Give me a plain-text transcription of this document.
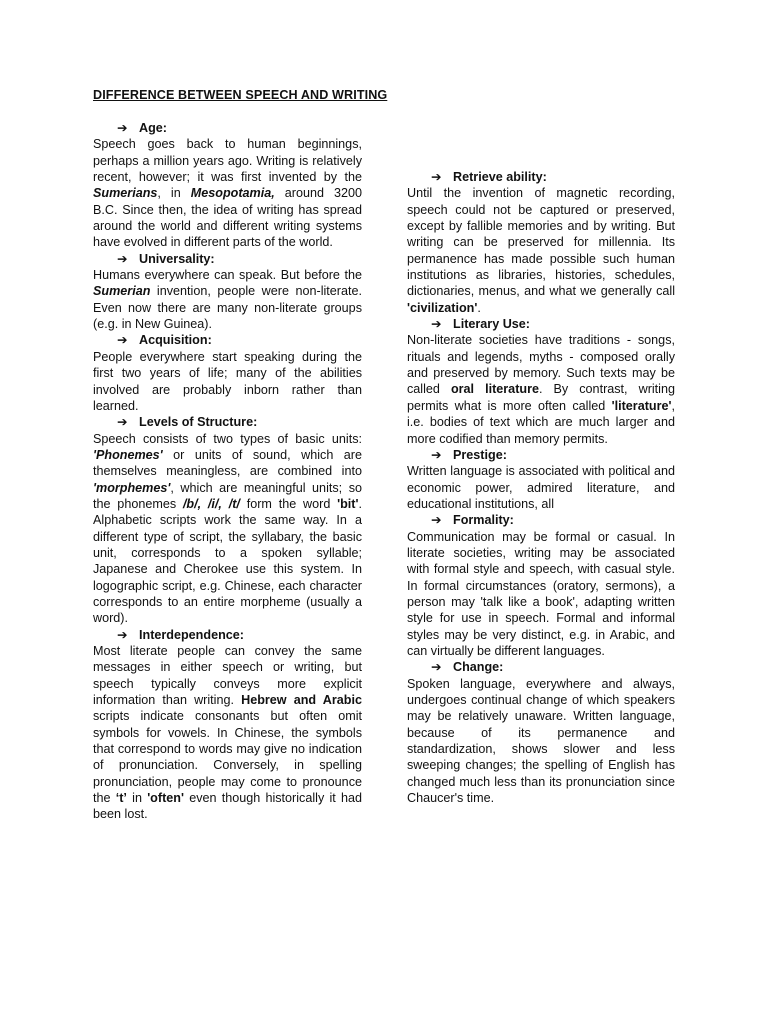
DIFFERENCE BETWEEN SPEECH AND WRITING
➔ Age:

Speech goes back to human beginnings, perhaps a million years ago. Writing is relatively recent, however; it was first invented by the Sumerians, in Mesopotamia, around 3200 B.C. Since then, the idea of writing has spread around the world and different writing systems have evolved in different parts of the world.

➔ Universality:

Humans everywhere can speak. But before the Sumerian invention, people were non-literate. Even now there are many non-literate groups (e.g. in New Guinea).

➔ Acquisition:

People everywhere start speaking during the first two years of life; many of the abilities involved are probably inborn rather than learned.

➔ Levels of Structure:

Speech consists of two types of basic units: 'Phonemes' or units of sound, which are themselves meaningless, are combined into 'morphemes', which are meaningful units; so the phonemes /b/, /i/, /t/ form the word 'bit'. Alphabetic scripts work the same way. In a different type of script, the syllabary, the basic unit, corresponds to a spoken syllable; Japanese and Cherokee use this system. In logographic script, e.g. Chinese, each character corresponds to an entire morpheme (usually a word).

➔ Interdependence:

Most literate people can convey the same messages in either speech or writing, but speech typically conveys more explicit information than writing. Hebrew and Arabic scripts indicate consonants but often omit symbols for vowels. In Chinese, the symbols that correspond to words may give no indication of pronunciation. Conversely, in spelling pronunciation, people may come to pronounce the ‘t’ in 'often' even though historically it had been lost.

➔ Retrieve ability:

Until the invention of magnetic recording, speech could not be captured or preserved, except by fallible memories and by writing. But writing can be preserved for millennia. Its permanence has made possible such human institutions as libraries, histories, schedules, dictionaries, menus, and what we generally call 'civilization'.

➔ Literary Use:

Non-literate societies have traditions - songs, rituals and legends, myths - composed orally and preserved by memory. Such texts may be called oral literature. By contrast, writing permits what is more often called 'literature', i.e. bodies of text which are much larger and more codified than memory permits.

➔ Prestige:

Written language is associated with political and economic power, admired literature, and educational institutions, all

➔ Formality:

Communication may be formal or casual. In literate societies, writing may be associated with formal style and speech, with casual style. In formal circumstances (oratory, sermons), a person may 'talk like a book', adapting written style for use in speech. Formal and informal styles may be very distinct, e.g. in Arabic, and can virtually be different languages.

➔ Change:

Spoken language, everywhere and always, undergoes continual change of which speakers may be relatively unaware. Written language, because of its permanence and standardization, shows slower and less sweeping changes; the spelling of English has changed much less than its pronunciation since Chaucer's time.
